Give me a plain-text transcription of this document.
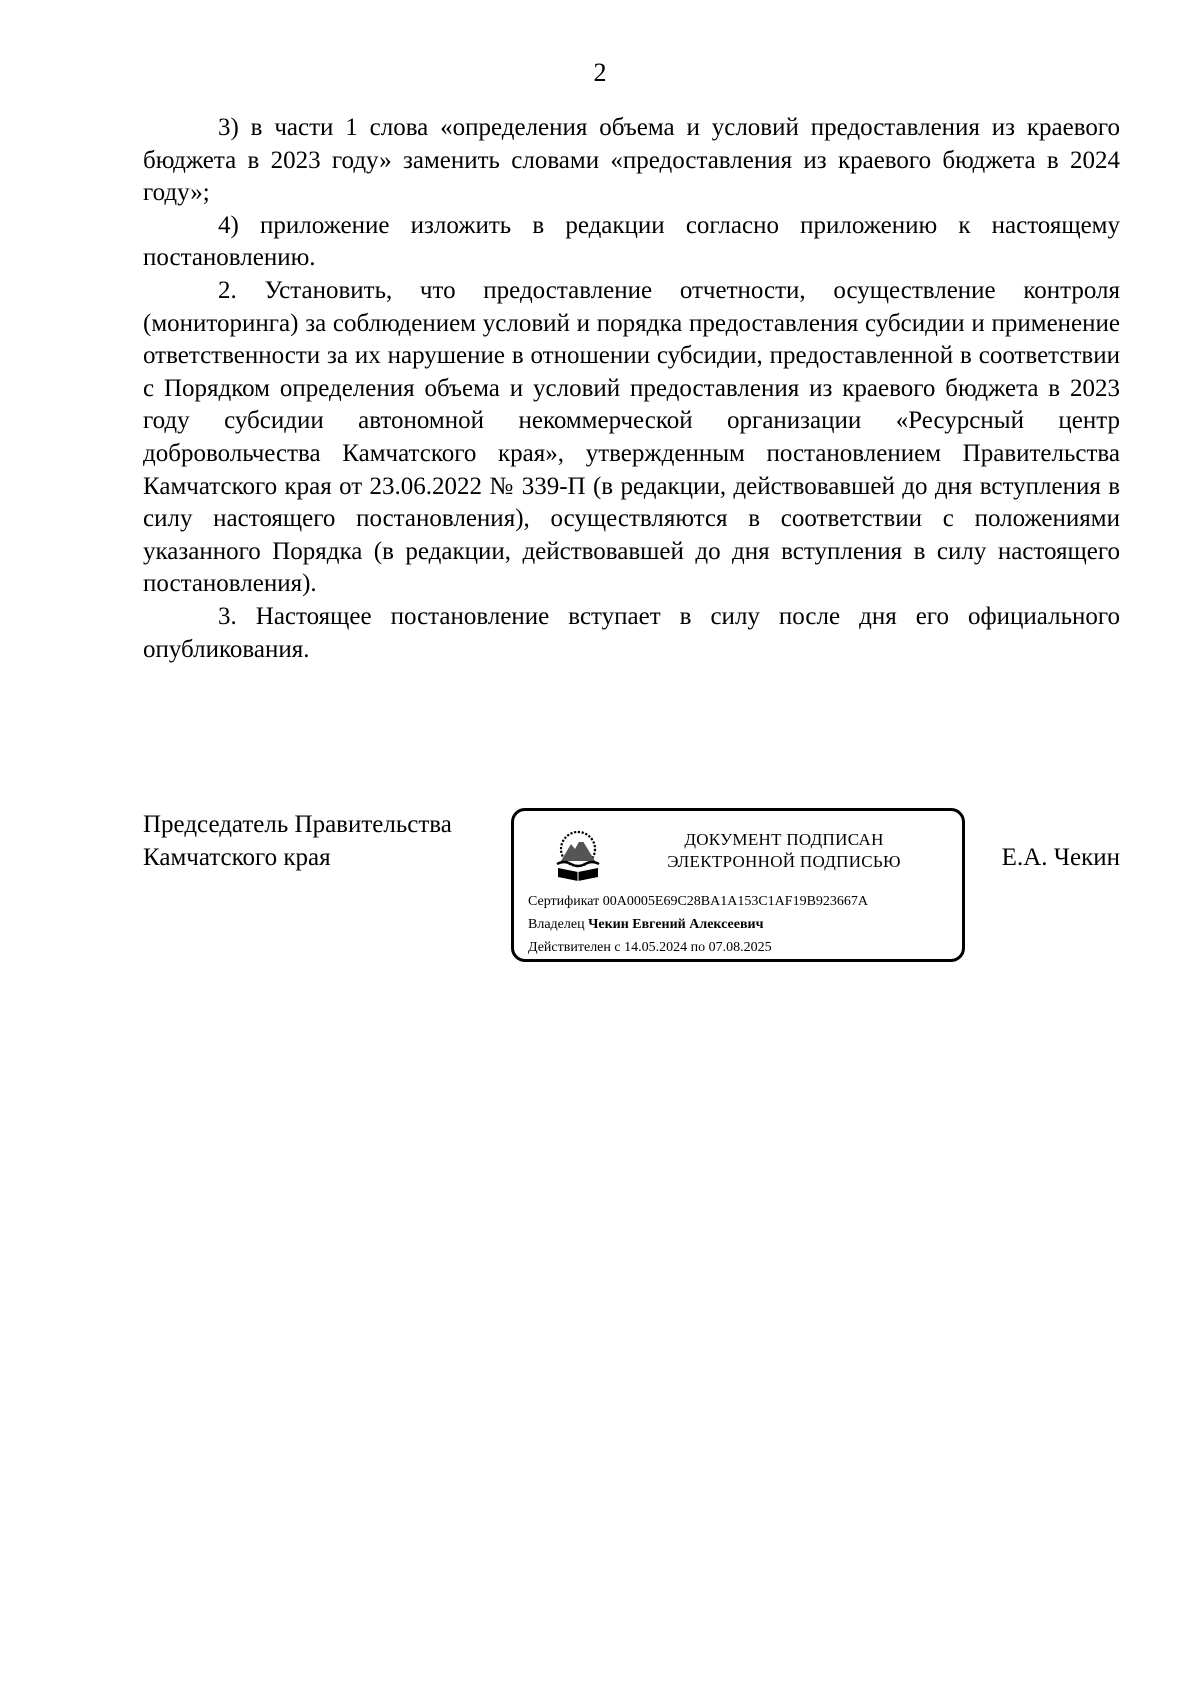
2

3) в части 1 слова «определения объема и условий предоставления из краевого бюджета в 2023 году» заменить словами «предоставления из краевого бюджета в 2024 году»;

4) приложение изложить в редакции согласно приложению к настоящему постановлению.

2. Установить, что предоставление отчетности, осуществление контроля (мониторинга) за соблюдением условий и порядка предоставления субсидии и применение ответственности за их нарушение в отношении субсидии, предоставленной в соответствии с Порядком определения объема и условий предоставления из краевого бюджета в 2023 году субсидии автономной некоммерческой организации «Ресурсный центр добровольчества Камчатского края», утвержденным постановлением Правительства Камчатского края от 23.06.2022 № 339-П (в редакции, действовавшей до дня вступления в силу настоящего постановления), осуществляются в соответствии с положениями указанного Порядка (в редакции, действовавшей до дня вступления в силу настоящего постановления).

3. Настоящее постановление вступает в силу после дня его официального опубликования.

Председатель Правительства
Камчатского края
ДОКУМЕНТ ПОДПИСАН
ЭЛЕКТРОННОЙ ПОДПИСЬЮ
Сертификат 00A0005E69C28BA1A153C1AF19B923667A
Владелец Чекин Евгений Алексеевич
Действителен с 14.05.2024 по 07.08.2025
Е.А. Чекин
